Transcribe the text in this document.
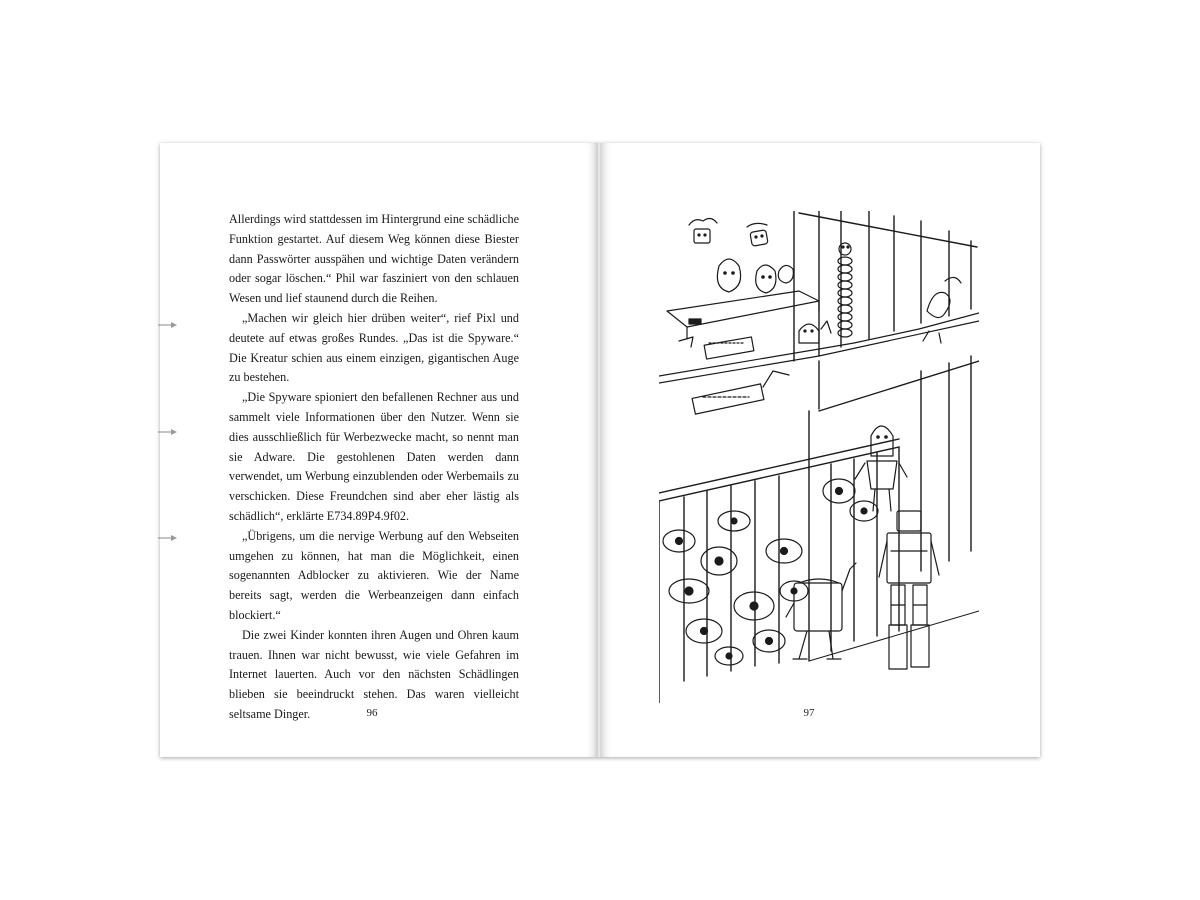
Allerdings wird stattdessen im Hintergrund eine schädliche Funktion gestartet. Auf diesem Weg können diese Biester dann Passwörter ausspähen und wichtige Daten verändern oder sogar löschen.“ Phil war fasziniert von den schlauen Wesen und lief staunend durch die Reihen.

„Machen wir gleich hier drüben weiter“, rief Pixl und deutete auf etwas großes Rundes. „Das ist die Spyware.“ Die Kreatur schien aus einem einzigen, gigantischen Auge zu bestehen.

„Die Spyware spioniert den befallenen Rechner aus und sammelt viele Informationen über den Nutzer. Wenn sie dies ausschließlich für Werbezwecke macht, so nennt man sie Adware. Die gestohlenen Daten werden dann verwendet, um Werbung einzublenden oder Werbemails zu verschicken. Diese Freundchen sind aber eher lästig als schädlich“, erklärte E734.89P4.9f02.

„Übrigens, um die nervige Werbung auf den Webseiten umgehen zu können, hat man die Möglichkeit, einen sogenannten Adblocker zu aktivieren. Wie der Name bereits sagt, werden die Werbeanzeigen dann einfach blockiert.“

Die zwei Kinder konnten ihren Augen und Ohren kaum trauen. Ihnen war nicht bewusst, wie viele Gefahren im Internet lauerten. Auch vor den nächsten Schädlingen blieben sie beeindruckt stehen. Das waren vielleicht seltsame Dinger.	96	97
